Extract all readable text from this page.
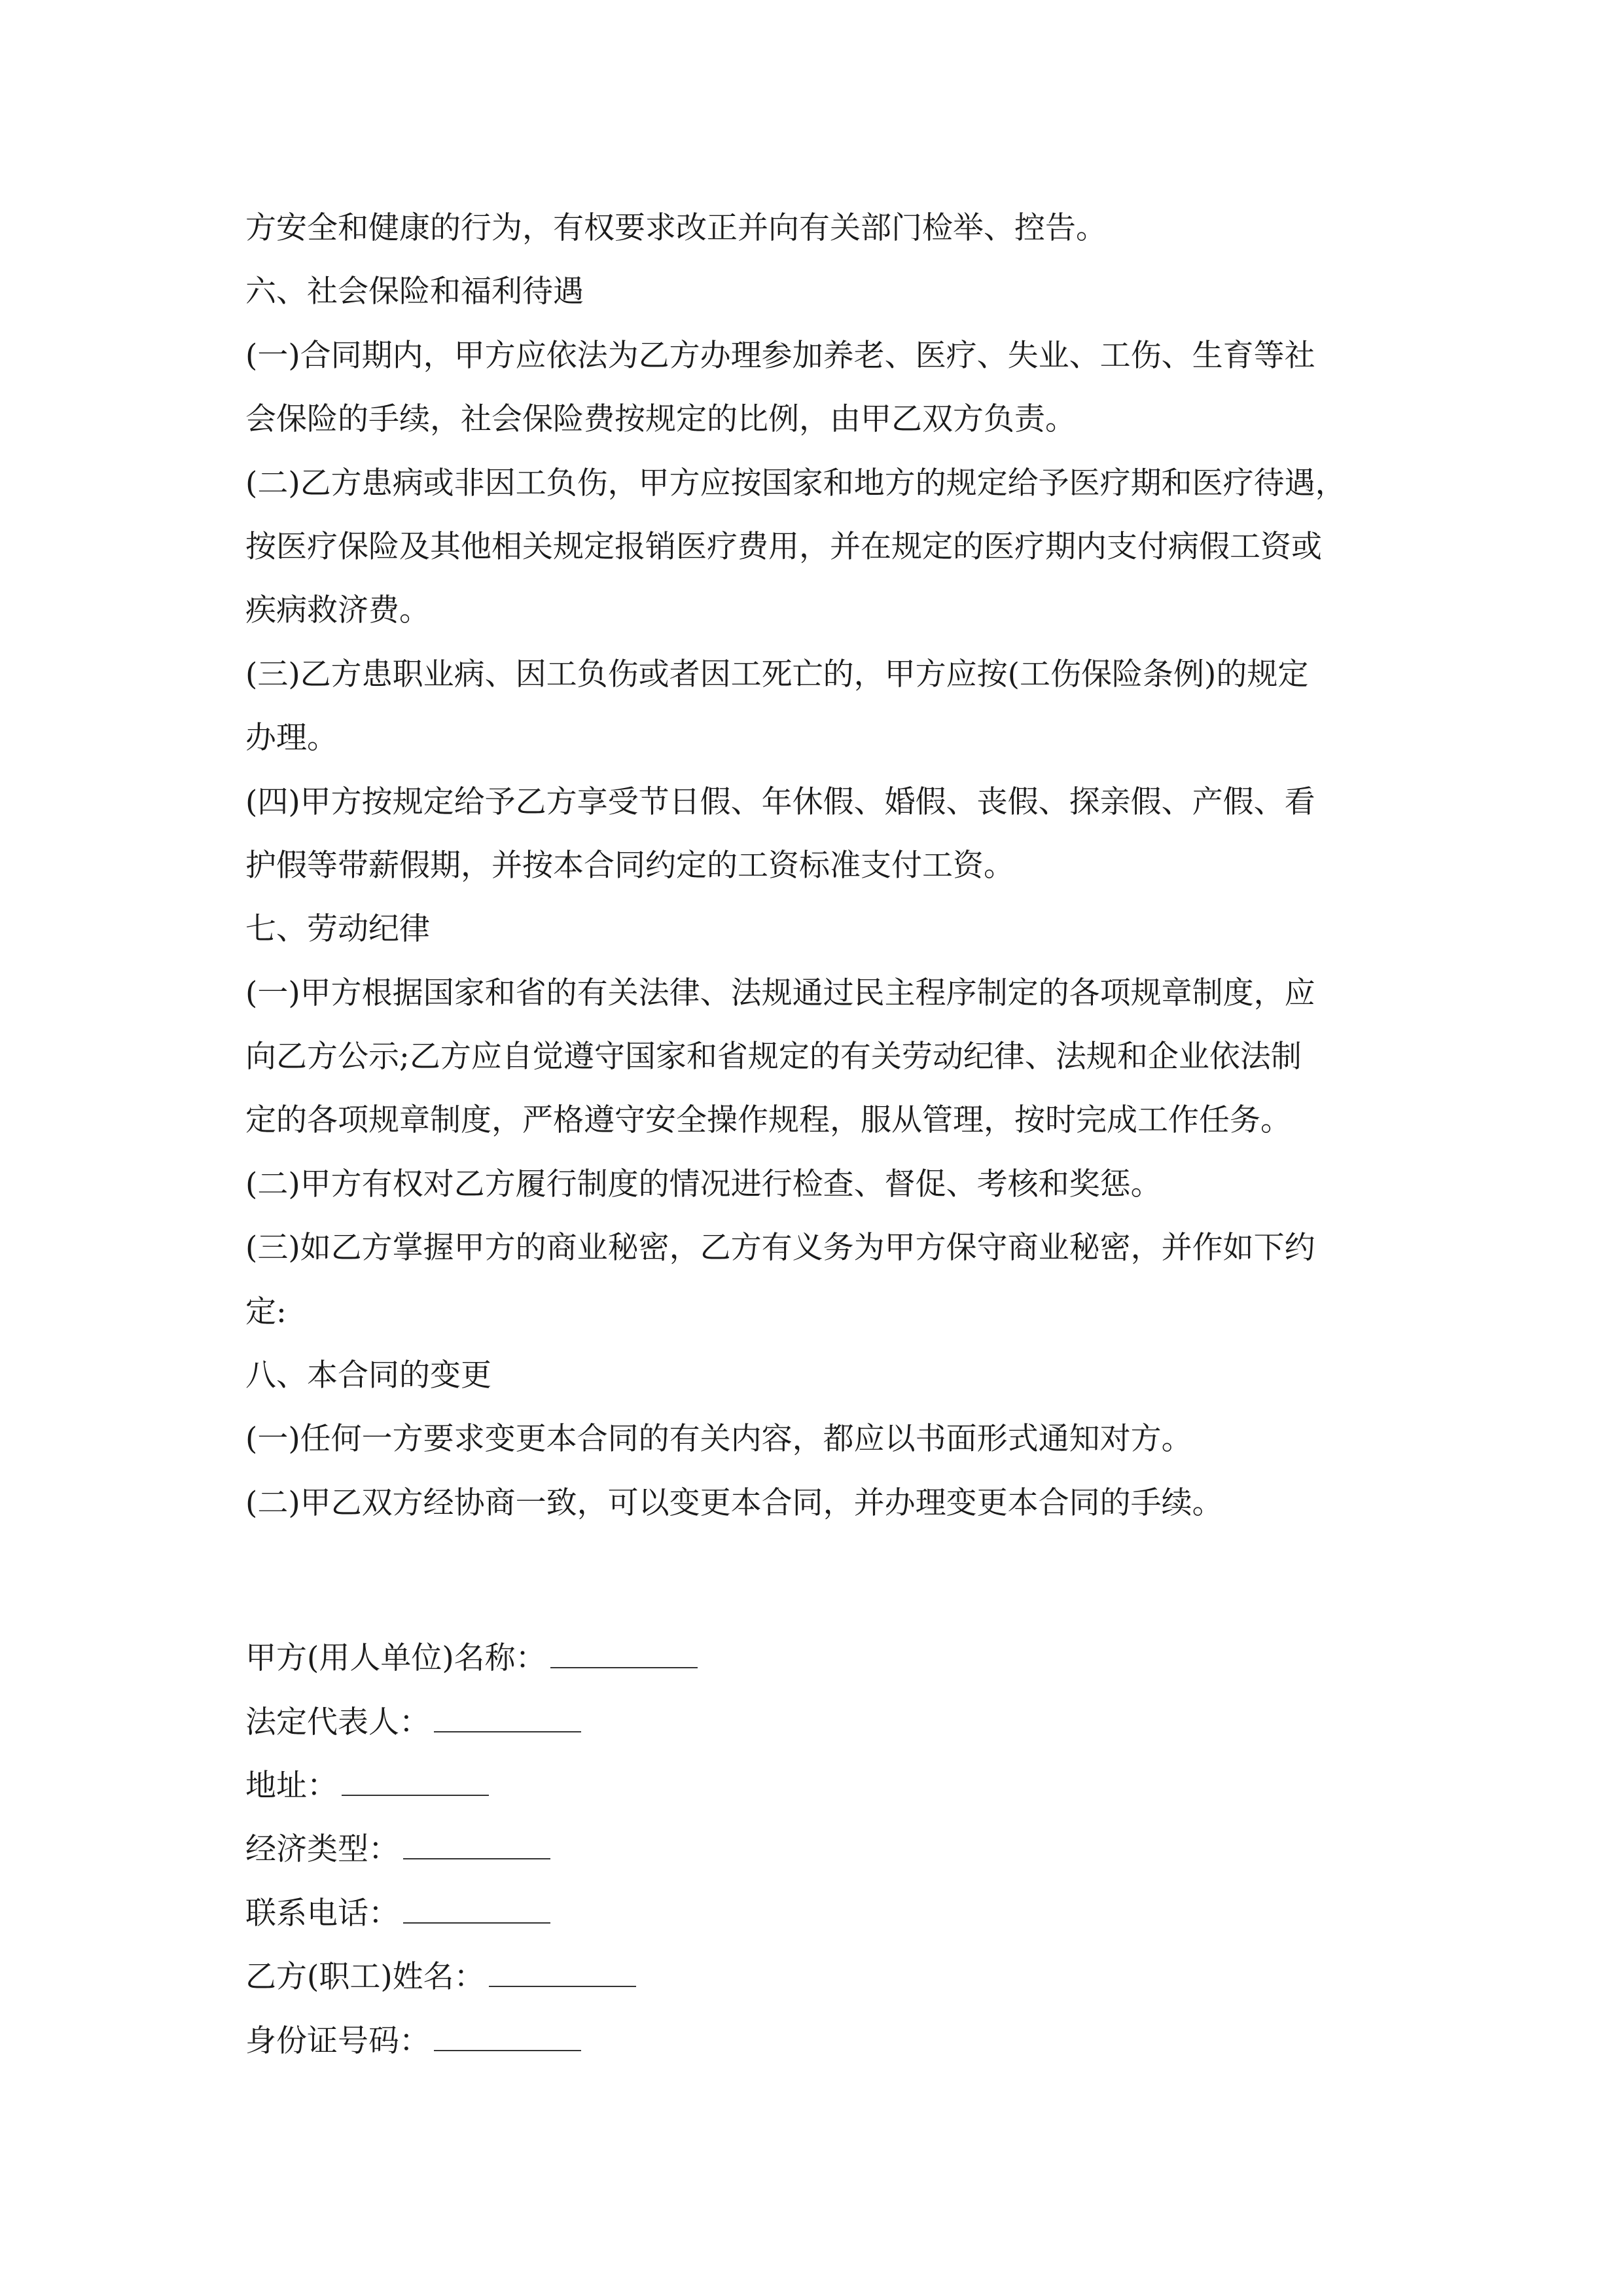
方安全和健康的行为，有权要求改正并向有关部门检举、控告。
六、社会保险和福利待遇
(一)合同期内，甲方应依法为乙方办理参加养老、医疗、失业、工伤、生育等社
会保险的手续，社会保险费按规定的比例，由甲乙双方负责。
(二)乙方患病或非因工负伤，甲方应按国家和地方的规定给予医疗期和医疗待遇，
按医疗保险及其他相关规定报销医疗费用，并在规定的医疗期内支付病假工资或
疾病救济费。
(三)乙方患职业病、因工负伤或者因工死亡的，甲方应按(工伤保险条例)的规定
办理。
(四)甲方按规定给予乙方享受节日假、年休假、婚假、丧假、探亲假、产假、看
护假等带薪假期，并按本合同约定的工资标准支付工资。
七、劳动纪律
(一)甲方根据国家和省的有关法律、法规通过民主程序制定的各项规章制度，应
向乙方公示;乙方应自觉遵守国家和省规定的有关劳动纪律、法规和企业依法制
定的各项规章制度，严格遵守安全操作规程，服从管理，按时完成工作任务。
(二)甲方有权对乙方履行制度的情况进行检查、督促、考核和奖惩。
(三)如乙方掌握甲方的商业秘密，乙方有义务为甲方保守商业秘密，并作如下约
定:
八、本合同的变更
(一)任何一方要求变更本合同的有关内容，都应以书面形式通知对方。
(二)甲乙双方经协商一致，可以变更本合同，并办理变更本合同的手续。
甲方(用人单位)名称：
法定代表人：
地址：
经济类型：
联系电话：
乙方(职工)姓名：
身份证号码：
